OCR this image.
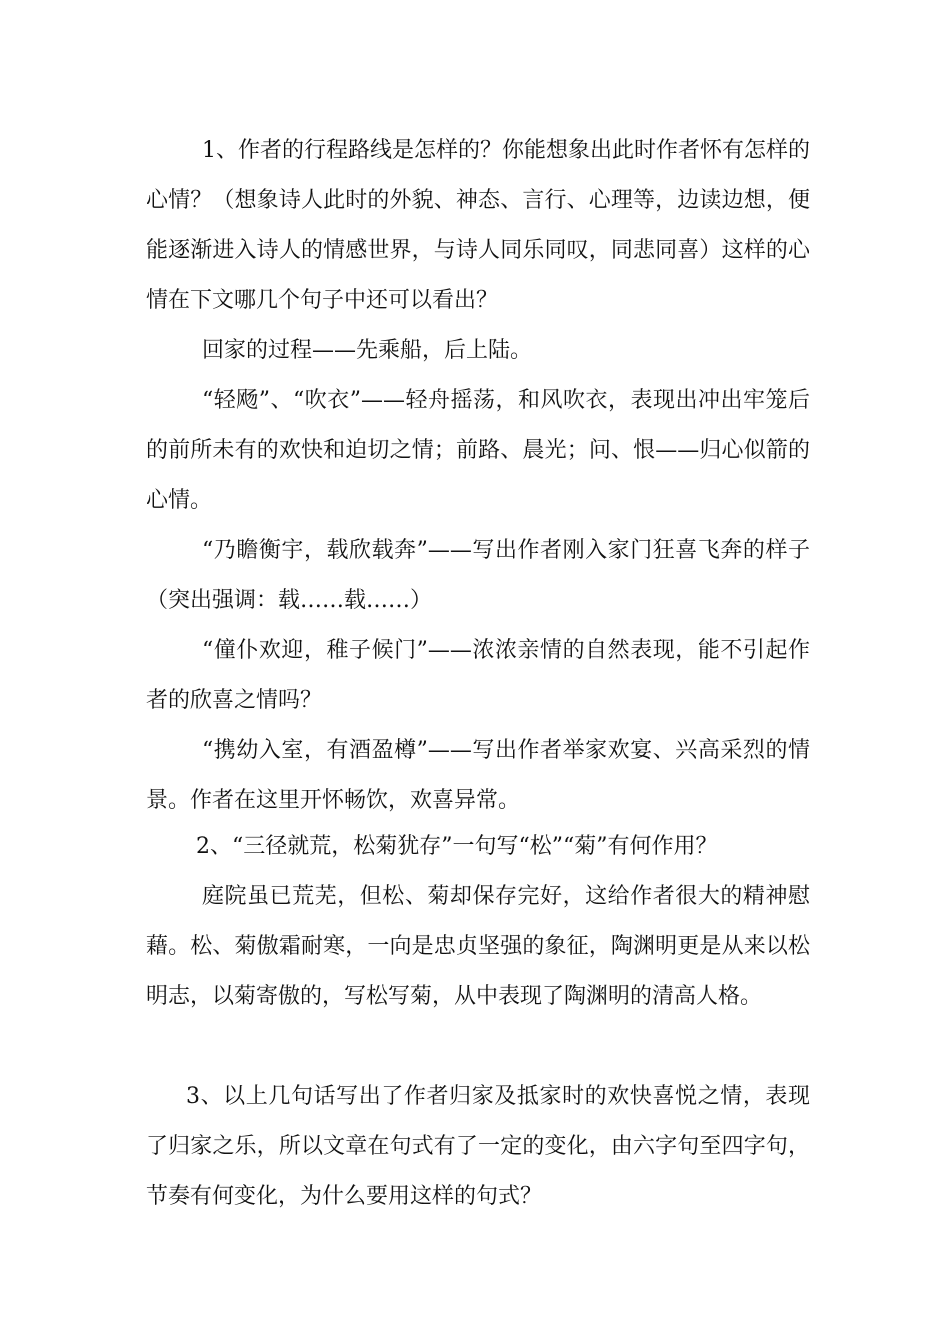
1、作者的行程路线是怎样的？你能想象出此时作者怀有怎样的心情？（想象诗人此时的外貌、神态、言行、心理等，边读边想，便能逐渐进入诗人的情感世界，与诗人同乐同叹，同悲同喜）这样的心情在下文哪几个句子中还可以看出？

回家的过程——先乘船，后上陆。

“轻飏”、“吹衣”——轻舟摇荡，和风吹衣，表现出冲出牢笼后的前所未有的欢快和迫切之情；前路、晨光；问、恨——归心似箭的心情。

“乃瞻衡宇，载欣载奔”——写出作者刚入家门狂喜飞奔的样子（突出强调：载……载……）

“僮仆欢迎，稚子候门”——浓浓亲情的自然表现，能不引起作者的欣喜之情吗？

“携幼入室，有酒盈樽”——写出作者举家欢宴、兴高采烈的情景。作者在这里开怀畅饮，欢喜异常。

2、“三径就荒，松菊犹存”一句写“松”“菊”有何作用？

庭院虽已荒芜，但松、菊却保存完好，这给作者很大的精神慰藉。松、菊傲霜耐寒，一向是忠贞坚强的象征，陶渊明更是从来以松明志，以菊寄傲的，写松写菊，从中表现了陶渊明的清高人格。

3、以上几句话写出了作者归家及抵家时的欢快喜悦之情，表现了归家之乐，所以文章在句式有了一定的变化，由六字句至四字句，节奏有何变化，为什么要用这样的句式？
